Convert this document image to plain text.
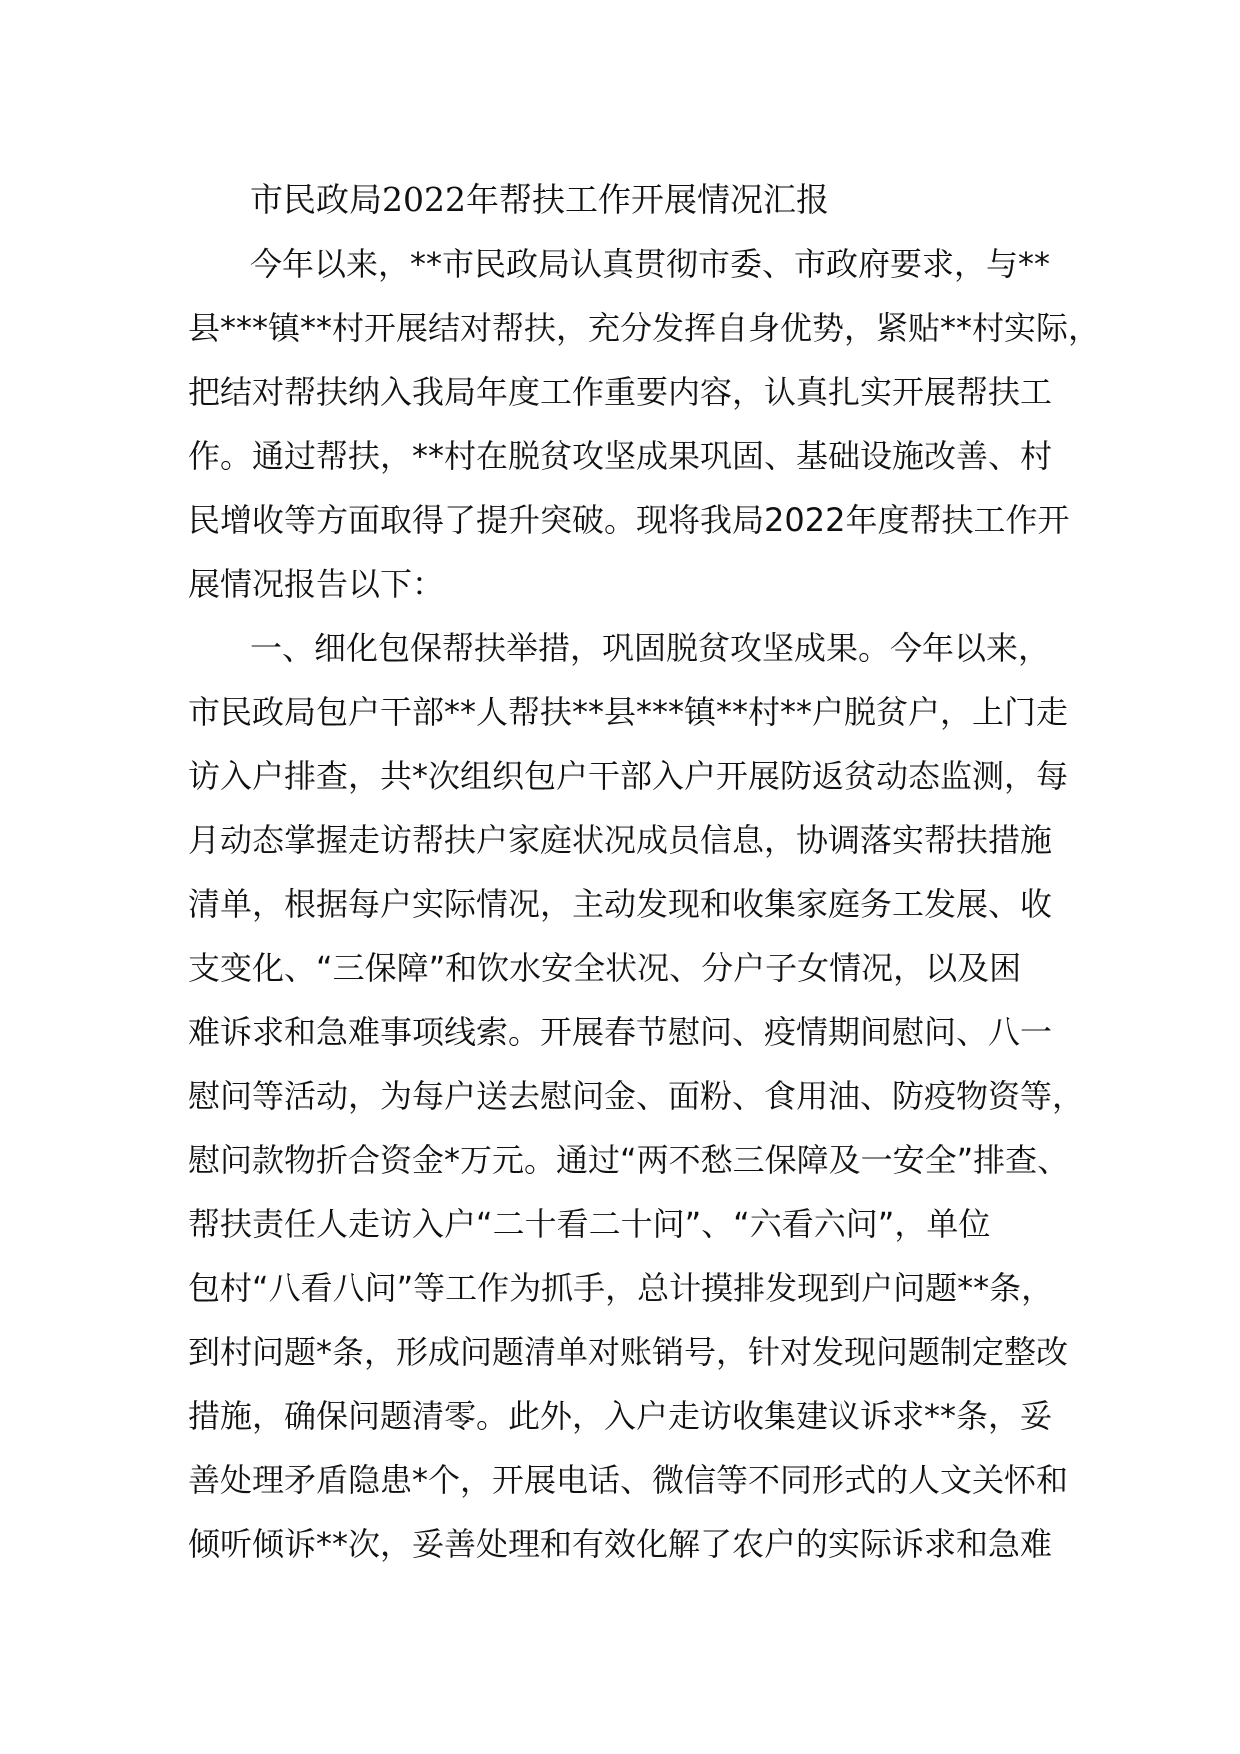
市民政局2022年帮扶工作开展情况汇报
今年以来，**市民政局认真贯彻市委、市政府要求，与**
县***镇**村开展结对帮扶，充分发挥自身优势，紧贴**村实际，
把结对帮扶纳入我局年度工作重要内容，认真扎实开展帮扶工
作。通过帮扶，**村在脱贫攻坚成果巩固、基础设施改善、村
民增收等方面取得了提升突破。现将我局2022年度帮扶工作开
展情况报告以下：
一、细化包保帮扶举措，巩固脱贫攻坚成果。今年以来，
市民政局包户干部**人帮扶**县***镇**村**户脱贫户，上门走
访入户排查，共*次组织包户干部入户开展防返贫动态监测，每
月动态掌握走访帮扶户家庭状况成员信息，协调落实帮扶措施
清单，根据每户实际情况，主动发现和收集家庭务工发展、收
支变化、“三保障”和饮水安全状况、分户子女情况，以及困
难诉求和急难事项线索。开展春节慰问、疫情期间慰问、八一
慰问等活动，为每户送去慰问金、面粉、食用油、防疫物资等，
慰问款物折合资金*万元。通过“两不愁三保障及一安全”排查、
帮扶责任人走访入户“二十看二十问”、“六看六问”，单位
包村“八看八问”等工作为抓手，总计摸排发现到户问题**条，
到村问题*条，形成问题清单对账销号，针对发现问题制定整改
措施，确保问题清零。此外，入户走访收集建议诉求**条，妥
善处理矛盾隐患*个，开展电话、微信等不同形式的人文关怀和
倾听倾诉**次，妥善处理和有效化解了农户的实际诉求和急难
